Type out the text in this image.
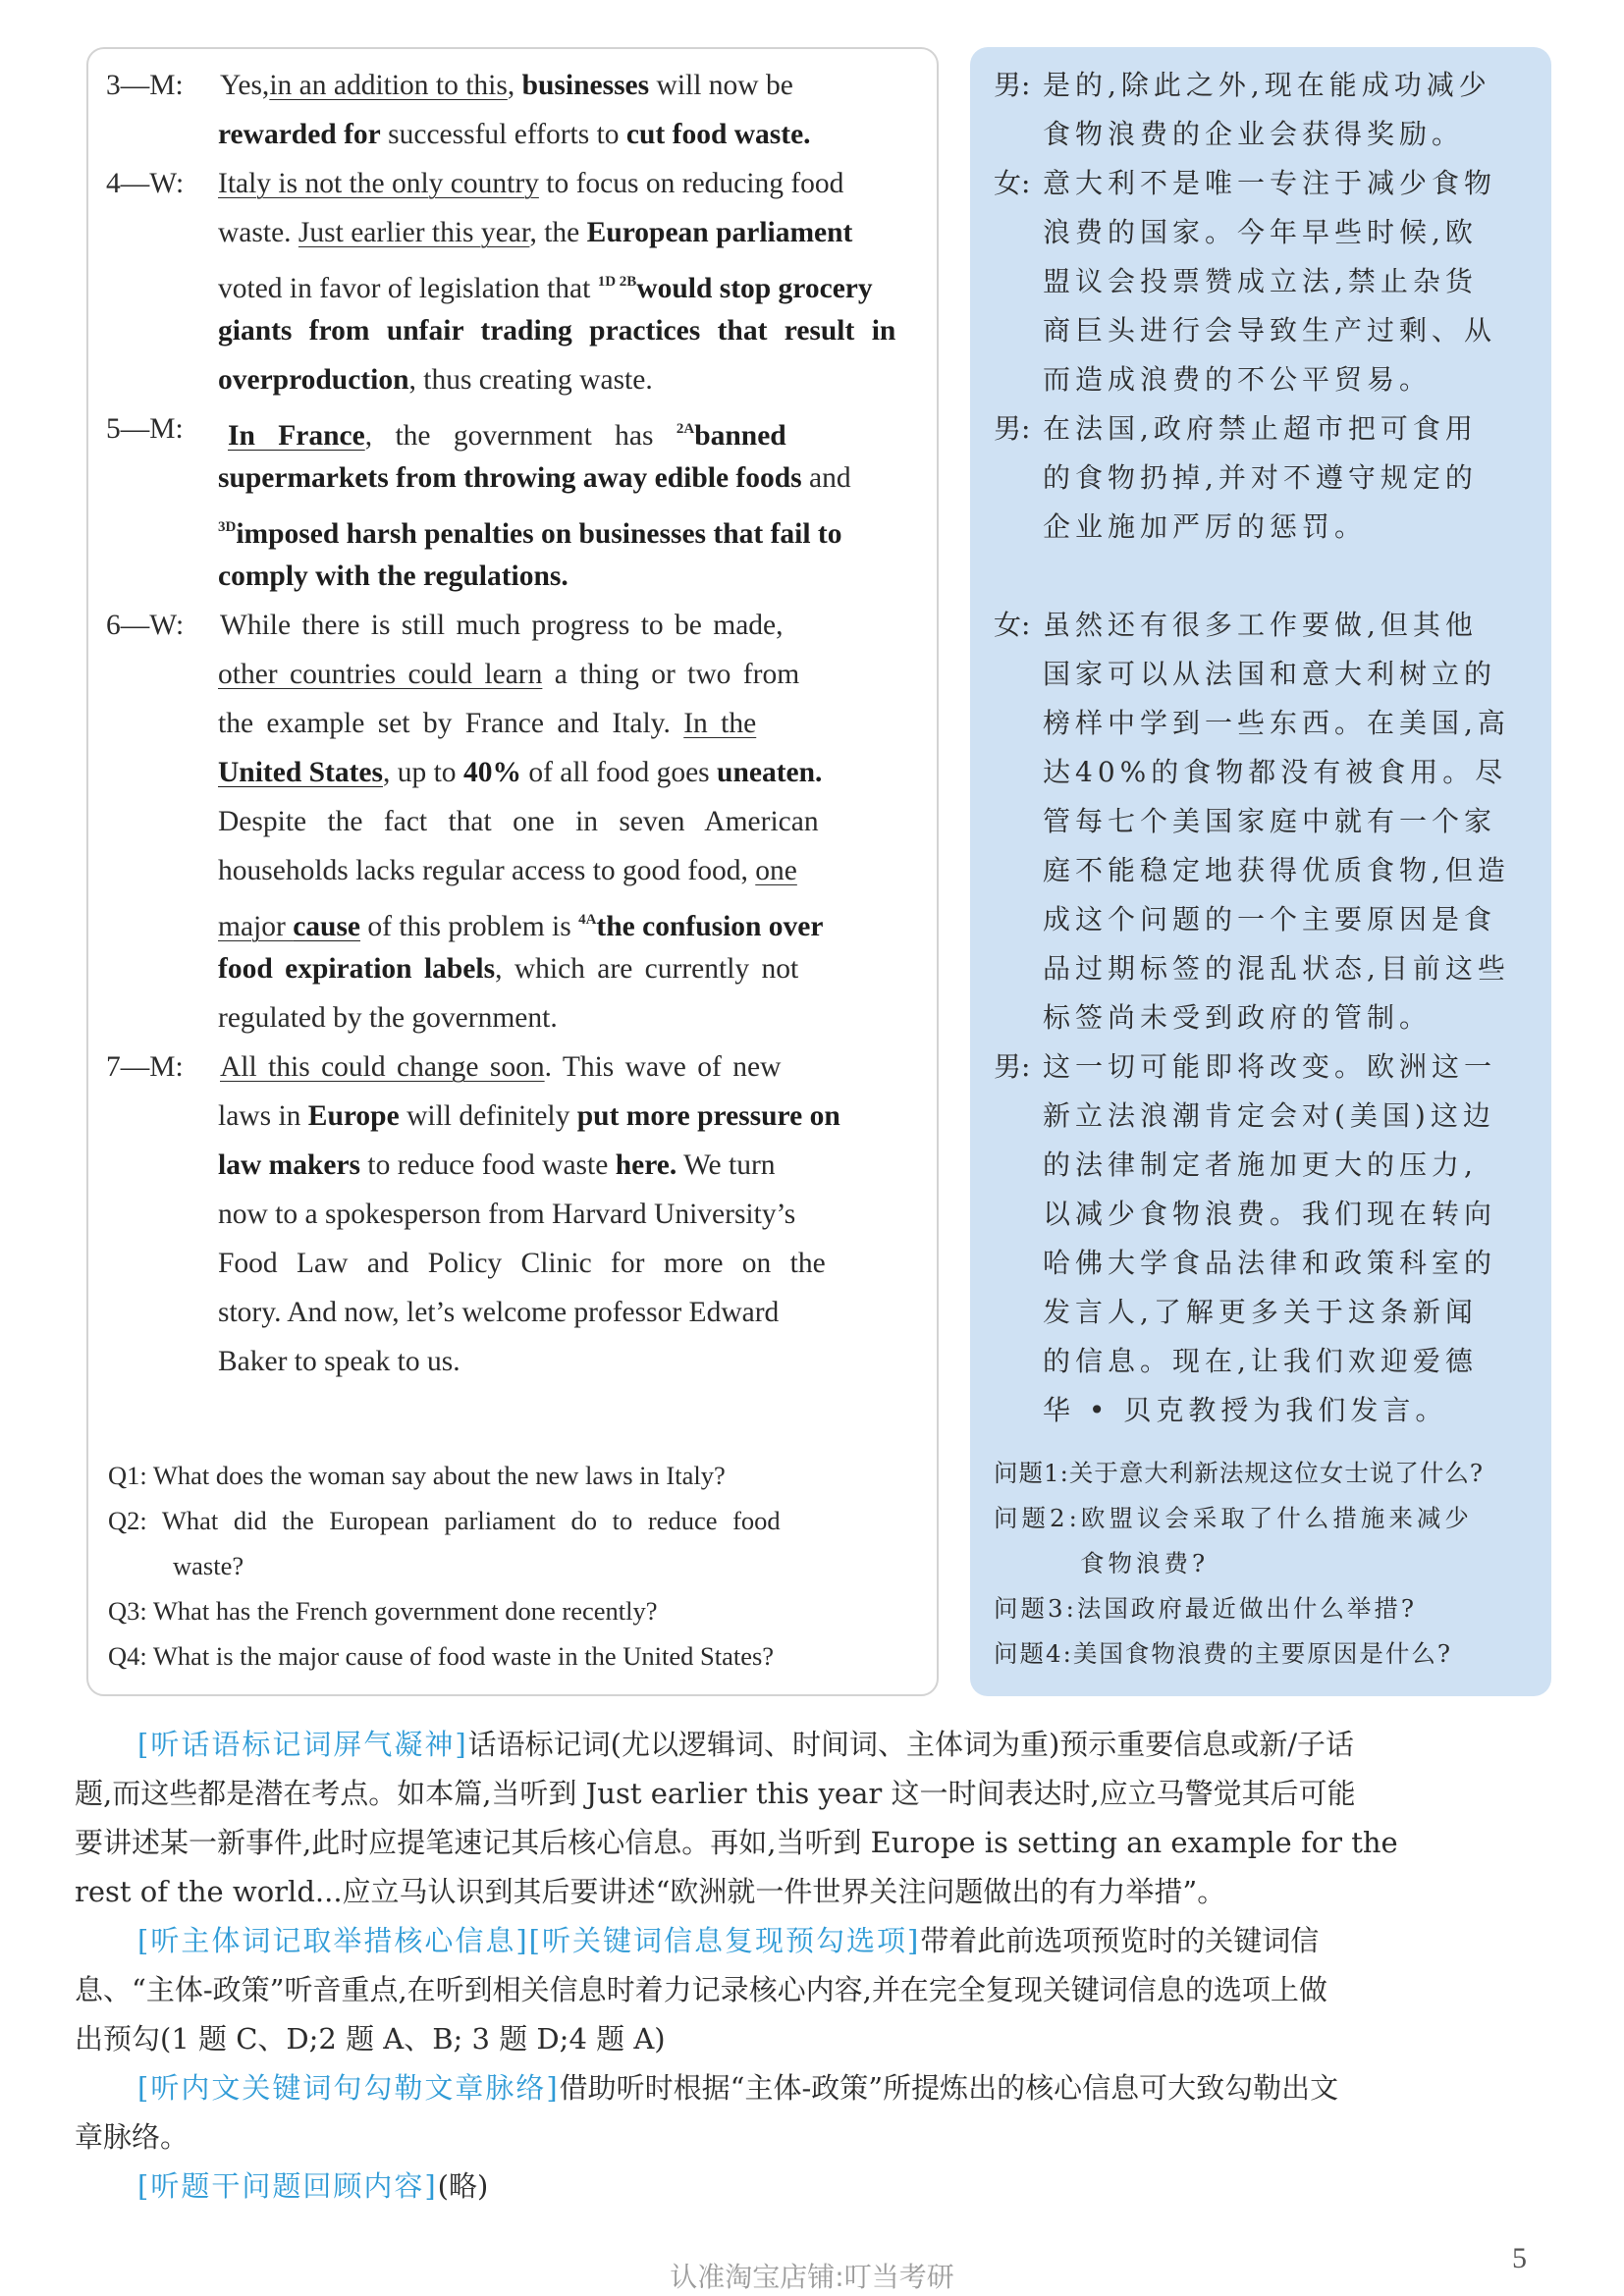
3—M: Yes,in an addition to this, businesses will now be
rewarded for successful efforts to cut food waste.
4—W: Italy is not the only country to focus on reducing food
waste. Just earlier this year, the European parliament
voted in favor of legislation that $^{1D 2B}$would stop grocery
giants from unfair trading practices that result in
overproduction, thus creating waste.
5—M: In France, the government has $^{2A}$banned
supermarkets from throwing away edible foods and
$^{3D}$imposed harsh penalties on businesses that fail to
comply with the regulations.
6—W: While there is still much progress to be made,
other countries could learn a thing or two from
the example set by France and Italy. In the
United States, up to 40% of all food goes uneaten.
Despite the fact that one in seven American
households lacks regular access to good food, one
major cause of this problem is $^{4A}$the confusion over
food expiration labels, which are currently not
regulated by the government.
7—M: All this could change soon. This wave of new
laws in Europe will definitely put more pressure on
law makers to reduce food waste here. We turn
now to a spokesperson from Harvard University’s
Food Law and Policy Clinic for more on the
story. And now, let’s welcome professor Edward
Baker to speak to us.
Q1: What does the woman say about the new laws in Italy?
Q2: What did the European parliament do to reduce food
waste?
Q3: What has the French government done recently?
Q4: What is the major cause of food waste in the United States?
男: 是的,除此之外,现在能成功减少
食物浪费的企业会获得奖励。
女: 意大利不是唯一专注于减少食物
浪费的国家。今年早些时候,欧
盟议会投票赞成立法,禁止杂货
商巨头进行会导致生产过剩、从
而造成浪费的不公平贸易。
男: 在法国,政府禁止超市把可食用
的食物扔掉,并对不遵守规定的
企业施加严厉的惩罚。
女: 虽然还有很多工作要做,但其他
国家可以从法国和意大利树立的
榜样中学到一些东西。在美国,高
达40%的食物都没有被食用。尽
管每七个美国家庭中就有一个家
庭不能稳定地获得优质食物,但造
成这个问题的一个主要原因是食
品过期标签的混乱状态,目前这些
标签尚未受到政府的管制。
男: 这一切可能即将改变。欧洲这一
新立法浪潮肯定会对(美国)这边
的法律制定者施加更大的压力,
以减少食物浪费。我们现在转向
哈佛大学食品法律和政策科室的
发言人,了解更多关于这条新闻
的信息。现在,让我们欢迎爱德
华 • 贝克教授为我们发言。
问题1:关于意大利新法规这位女士说了什么?
问题2:欧盟议会采取了什么措施来减少
食物浪费?
问题3:法国政府最近做出什么举措?
问题4:美国食物浪费的主要原因是什么?
[听话语标记词屏气凝神]话语标记词(尤以逻辑词、时间词、主体词为重)预示重要信息或新/子话
题,而这些都是潜在考点。如本篇,当听到 Just earlier this year 这一时间表达时,应立马警觉其后可能
要讲述某一新事件,此时应提笔速记其后核心信息。再如,当听到 Europe is setting an example for the
rest of the world...应立马认识到其后要讲述“欧洲就一件世界关注问题做出的有力举措”。
[听主体词记取举措核心信息][听关键词信息复现预勾选项]带着此前选项预览时的关键词信
息、“主体-政策”听音重点,在听到相关信息时着力记录核心内容,并在完全复现关键词信息的选项上做
出预勾(1 题 C、D;2 题 A、B; 3 题 D;4 题 A)
[听内文关键词句勾勒文章脉络]借助听时根据“主体-政策”所提炼出的核心信息可大致勾勒出文
章脉络。
[听题干问题回顾内容](略)
认准淘宝店铺:叮当考研
5
